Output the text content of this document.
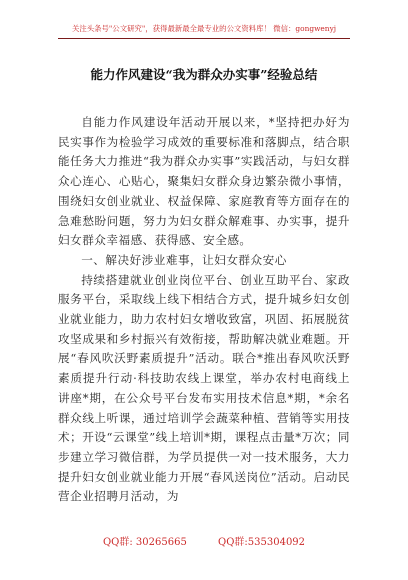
关注头条号"公文研究"，获得最新最全最专业的公文资料库！ 微信：gongwenyj
能力作风建设“我为群众办实事”经验总结

自能力作风建设年活动开展以来，*坚持把办好为民实事作为检验学习成效的重要标准和落脚点，结合职能任务大力推进“我为群众办实事”实践活动，与妇女群众心连心、心贴心，聚集妇女群众身边繁杂微小事情，围绕妇女创业就业、权益保障、家庭教育等方面存在的急难愁盼问题，努力为妇女群众解难事、办实事，提升妇女群众幸福感、获得感、安全感。

一、解决好涉业难事，让妇女群众安心

持续搭建就业创业岗位平台、创业互助平台、家政服务平台，采取线上线下相结合方式，提升城乡妇女创业就业能力，助力农村妇女增收致富，巩固、拓展脱贫攻坚成果和乡村振兴有效衔接，帮助解决就业难题。开展“春风吹沃野素质提升”活动。联合*推出春风吹沃野素质提升行动·科技助农线上课堂，举办农村电商线上讲座*期，在公众号平台发布实用技术信息*期，*余名群众线上听课，通过培训学会蔬菜种植、营销等实用技术；开设“云课堂”线上培训*期，课程点击量*万次；同步建立学习微信群，为学员提供一对一技术服务，大力提升妇女创业就业能力开展“春风送岗位”活动。启动民营企业招聘月活动，为

QQ群: 30265665	QQ群:535304092
